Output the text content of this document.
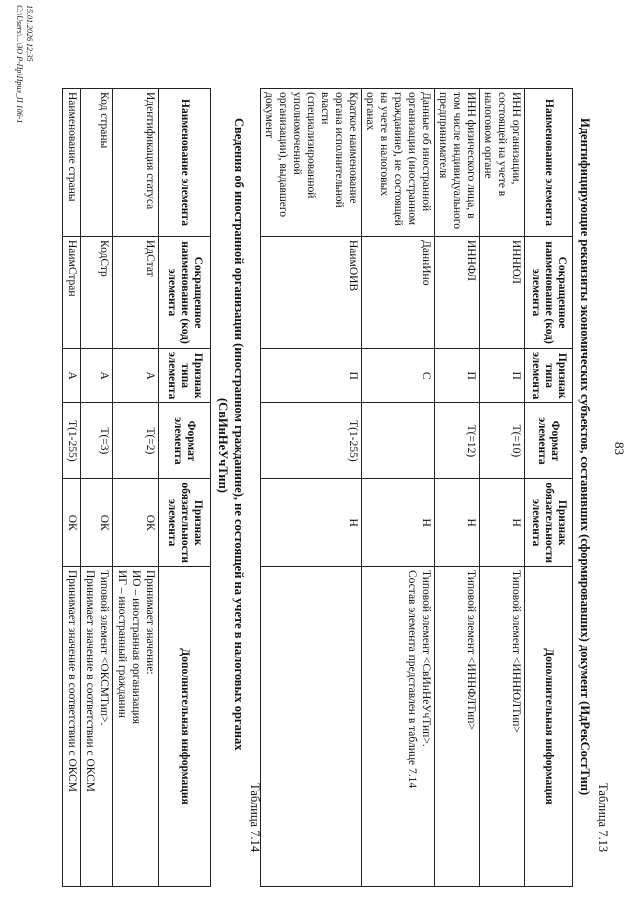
83
Таблица 7.13
Идентифицирующие реквизиты экономических субъектов, составивших (сформировавших) документ (ИдРекСостТип)
Наименование элемента	Сокращенное наименование (код) элемента	Признак типа элемента	Формат элемента	Признак обязательности элемента	Дополнительная информация
ИНН организации, состоящей на учете в налоговом органе	ИННЮЛ	П	T(=10)	Н	Типовой элемент <ИННЮЛТип>

ИНН физического лица, в том числе индивидуального предпринимателя	ИННФЛ	П	T(=12)	Н	Типовой элемент <ИННФЛТип>

Данные об иностранной организации (иностранном гражданине), не состоящей на учете в налоговых органах	ДаннИно	С		Н	Типовой элемент <СвИнНеУчТип>.
Состав элемента представлен в таблице 7.14

Краткое наименование органа исполнительной власти (специализированной уполномоченной организации), выдавшего документ	НаимОИВ	П	T(1-255)	Н	
Таблица 7.14
Сведения об иностранной организации (иностранном гражданине), не состоящей на учете в налоговых органах
(СвИнНеУчТип)
Наименование элемента	Сокращенное наименование (код) элемента	Признак типа элемента	Формат элемента	Признак обязательности элемента	Дополнительная информация
Идентификация статуса	ИдСтат	А	T(=2)	ОК	Принимает значение:
ИО – иностранная организация
ИГ – иностранный гражданин

Код страны	КодСтр	А	T(=3)	ОК	Типовой элемент <ОКСМТип>.
Принимает значение в соответствии с ОКСМ

Наименование страны	НаимСтран	А	T(1-255)	ОК	Принимает значение в соответствии с ОКСМ
15.01.2026 12:35
C:\Users\...\ЗО Р-Пр\Прил_П 106-1
